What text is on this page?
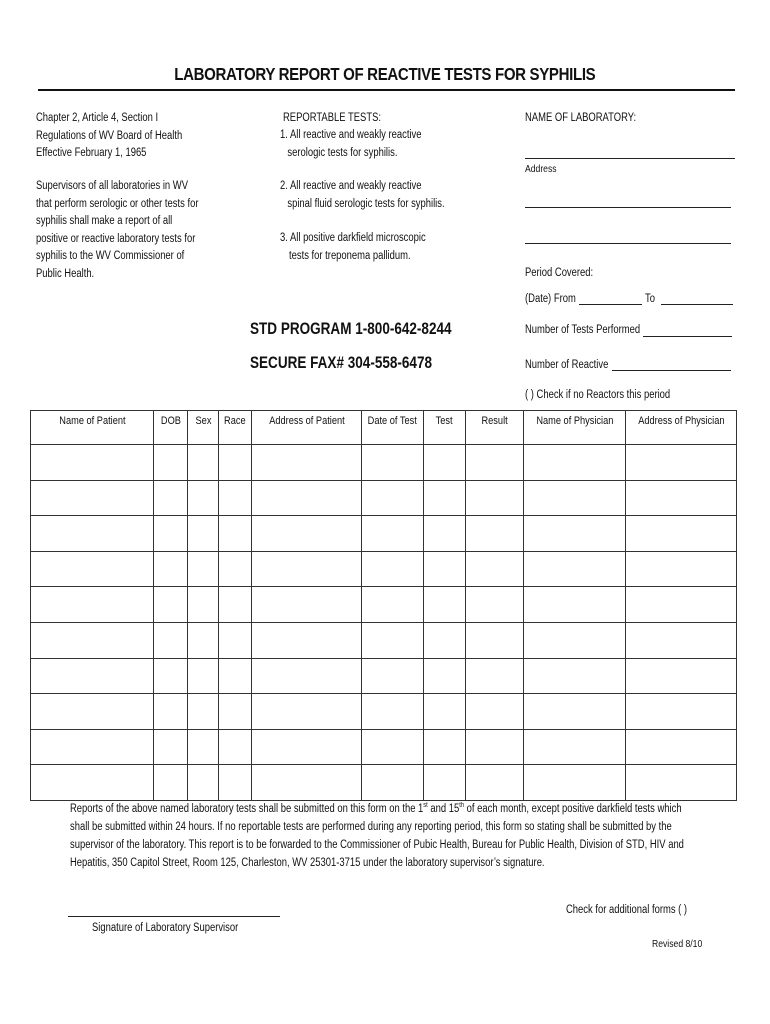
LABORATORY REPORT OF REACTIVE TESTS FOR SYPHILIS
Chapter 2, Article 4, Section I
Regulations of WV Board of Health
Effective February 1, 1965
Supervisors of all laboratories in WV
that perform serologic or other tests for
syphilis shall make a report of all
positive or reactive laboratory tests for
syphilis to the WV Commissioner of
Public Health.
REPORTABLE TESTS:
1. All reactive and weakly reactive
serologic tests for syphilis.
2. All reactive and weakly reactive
spinal fluid serologic tests for syphilis.
3. All positive darkfield microscopic
tests for treponema pallidum.
STD PROGRAM 1-800-642-8244
SECURE FAX# 304-558-6478
NAME OF LABORATORY:
Address
Period Covered:
(Date) From	To
Number of Tests Performed
Number of Reactive
( ) Check if no Reactors this period
Name of Patient	DOB	Sex	Race	Address of Patient	Date of Test	Test	Result	Name of Physician	Address of Physician

Reports of the above named laboratory tests shall be submitted on this form on the 1st and 15th of each month, except positive darkfield tests which
shall be submitted within 24 hours. If no reportable tests are performed during any reporting period, this form so stating shall be submitted by the
supervisor of the laboratory. This report is to be forwarded to the Commissioner of Pubic Health, Bureau for Public Health, Division of STD, HIV and
Hepatitis, 350 Capitol Street, Room 125, Charleston, WV 25301-3715 under the laboratory supervisor’s signature.
Signature of Laboratory Supervisor
Check for additional forms ( )
Revised 8/10
